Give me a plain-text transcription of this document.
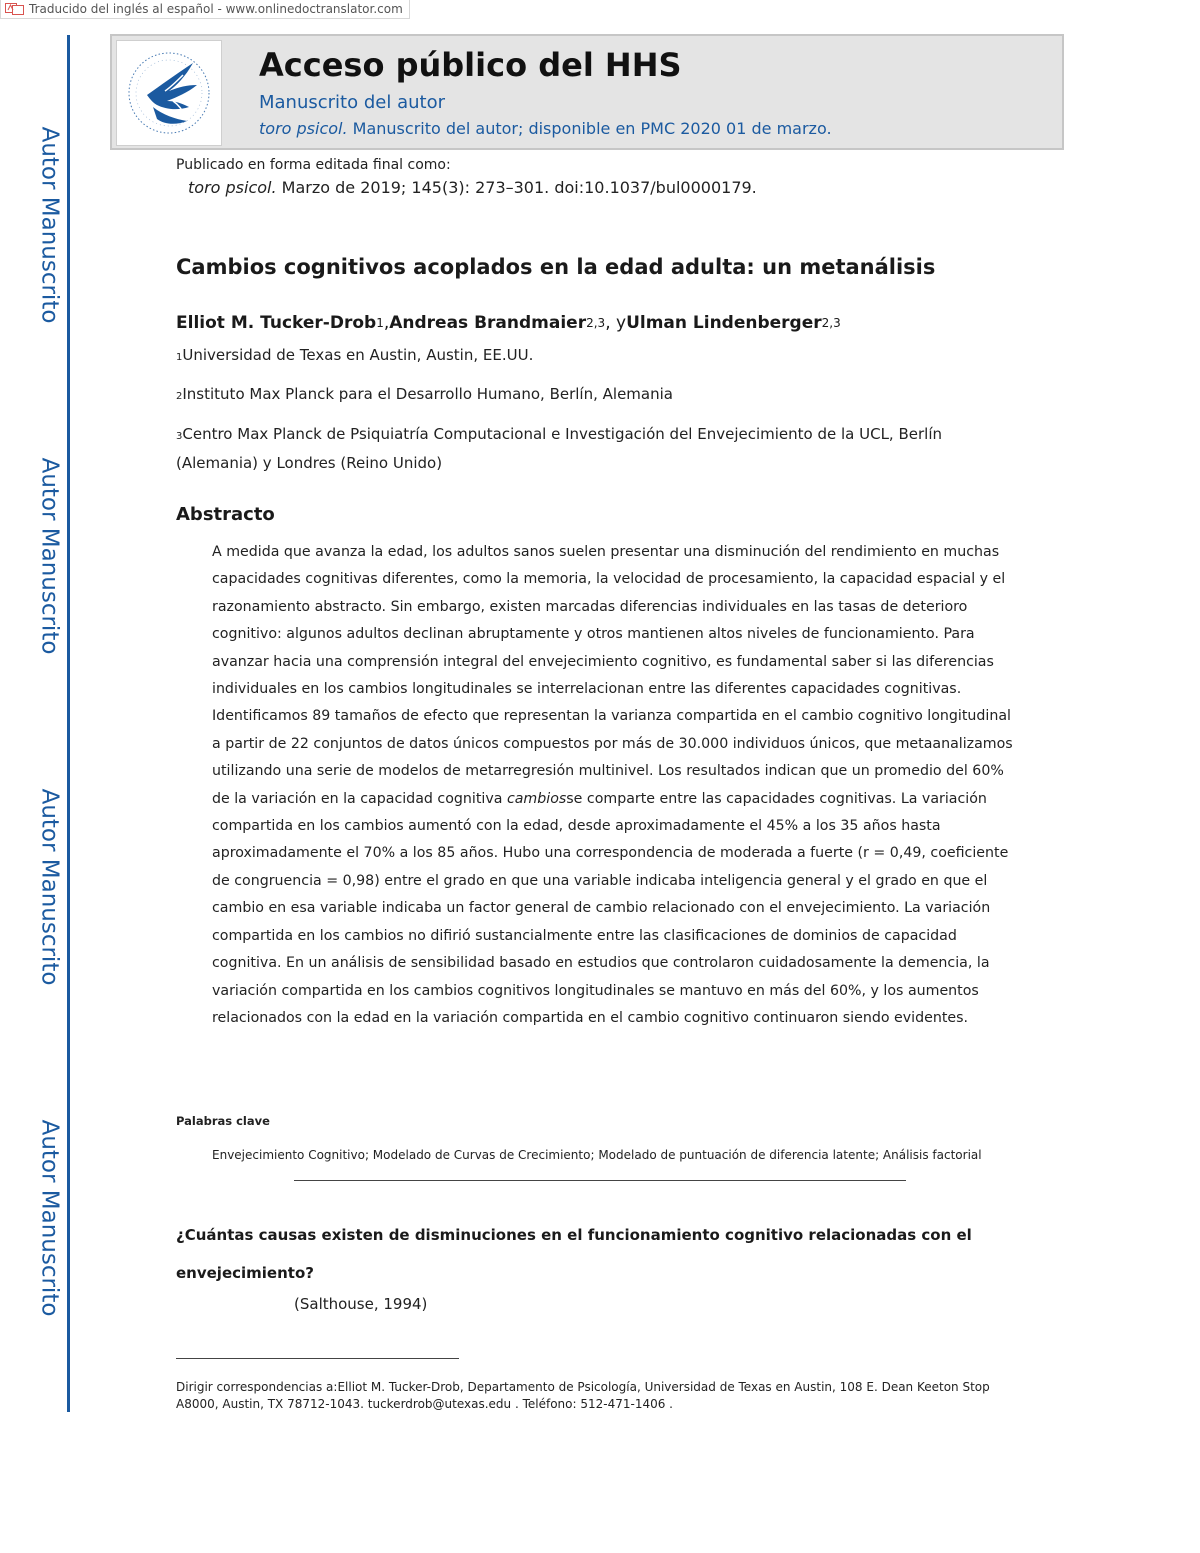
Traducido del inglés al español - www.onlinedoctranslator.com
Autor Manuscrito
Autor Manuscrito
Autor Manuscrito
Autor Manuscrito
Acceso público del HHS
Manuscrito del autor
toro psicol. Manuscrito del autor; disponible en PMC 2020 01 de marzo.
Publicado en forma editada final como:
toro psicol. Marzo de 2019; 145(3): 273–301. doi:10.1037/bul0000179.
Cambios cognitivos acoplados en la edad adulta: un metanálisis
Elliot M. Tucker-Drob$^1$,Andreas Brandmaier$^{2,3}$, yUlman Lindenberger$^{2,3}$
1Universidad de Texas en Austin, Austin, EE.UU.
2Instituto Max Planck para el Desarrollo Humano, Berlín, Alemania
3Centro Max Planck de Psiquiatría Computacional e Investigación del Envejecimiento de la UCL, Berlín
(Alemania) y Londres (Reino Unido)
Abstracto
A medida que avanza la edad, los adultos sanos suelen presentar una disminución del rendimiento en muchas
capacidades cognitivas diferentes, como la memoria, la velocidad de procesamiento, la capacidad espacial y el
razonamiento abstracto. Sin embargo, existen marcadas diferencias individuales en las tasas de deterioro
cognitivo: algunos adultos declinan abruptamente y otros mantienen altos niveles de funcionamiento. Para
avanzar hacia una comprensión integral del envejecimiento cognitivo, es fundamental saber si las diferencias
individuales en los cambios longitudinales se interrelacionan entre las diferentes capacidades cognitivas.
Identificamos 89 tamaños de efecto que representan la varianza compartida en el cambio cognitivo longitudinal
a partir de 22 conjuntos de datos únicos compuestos por más de 30.000 individuos únicos, que metaanalizamos
utilizando una serie de modelos de metarregresión multinivel. Los resultados indican que un promedio del 60%
de la variación en la capacidad cognitiva cambiosse comparte entre las capacidades cognitivas. La variación
compartida en los cambios aumentó con la edad, desde aproximadamente el 45% a los 35 años hasta
aproximadamente el 70% a los 85 años. Hubo una correspondencia de moderada a fuerte (r = 0,49, coeficiente
de congruencia = 0,98) entre el grado en que una variable indicaba inteligencia general y el grado en que el
cambio en esa variable indicaba un factor general de cambio relacionado con el envejecimiento. La variación
compartida en los cambios no difirió sustancialmente entre las clasificaciones de dominios de capacidad
cognitiva. En un análisis de sensibilidad basado en estudios que controlaron cuidadosamente la demencia, la
variación compartida en los cambios cognitivos longitudinales se mantuvo en más del 60%, y los aumentos
relacionados con la edad en la variación compartida en el cambio cognitivo continuaron siendo evidentes.
Palabras clave
Envejecimiento Cognitivo; Modelado de Curvas de Crecimiento; Modelado de puntuación de diferencia latente; Análisis factorial
¿Cuántas causas existen de disminuciones en el funcionamiento cognitivo relacionadas con el
envejecimiento?
(Salthouse, 1994)
Dirigir correspondencias a:Elliot M. Tucker-Drob, Departamento de Psicología, Universidad de Texas en Austin, 108 E. Dean Keeton Stop
A8000, Austin, TX 78712-1043. tuckerdrob@utexas.edu . Teléfono: 512-471-1406 .
